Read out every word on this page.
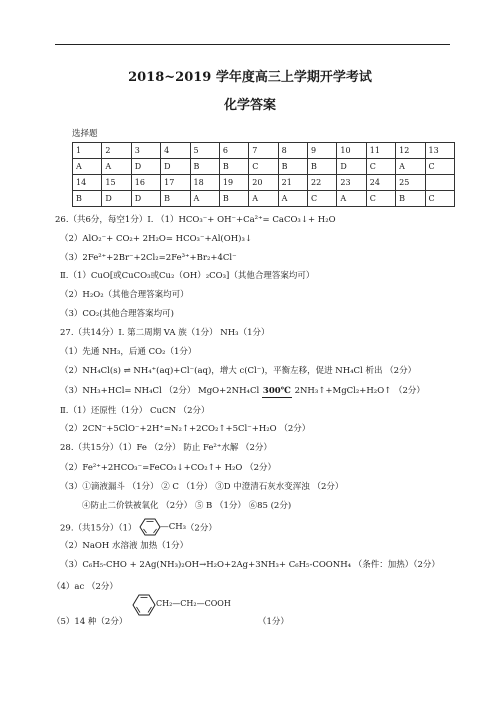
2018~2019 学年度高三上学期开学考试
化学答案
选择题
1	2	3	4	5	6	7	8	9	10	11	12	13
A	A	D	D	B	B	C	B	B	D	C	A	C
14	15	16	17	18	19	20	21	22	23	24	25	
B	D	D	B	A	B	A	A	C	A	C	B	C
26.（共6分，每空1分）I. （1）HCO₃⁻+ OH⁻+Ca²⁺= CaCO₃↓+ H₂O
（2）AlO₂⁻+ CO₂+ 2H₂O= HCO₃⁻+Al(OH)₃↓
（3）2Fe²⁺+2Br⁻+2Cl₂=2Fe³⁺+Br₂+4Cl⁻
Ⅱ.（1）CuO[或CuCO₃或Cu₂（OH）₂CO₃]（其他合理答案均可）
（2）H₂O₂（其他合理答案均可）
（3）CO₂(其他合理答案均可)
27.（共14分）I. 第二周期 VA 族（1分） NH₃（1分）
（1）先通 NH₃，后通 CO₂（1分）
（2）NH₄Cl(s) ⇌ NH₄⁺(aq)+Cl⁻(aq)，增大 c(Cl⁻)，平衡左移，促进 NH₄Cl 析出 （2分）
（3）NH₃+HCl= NH₄Cl （2分） MgO+2NH₄Cl 300℃ 2NH₃↑+MgCl₂+H₂O↑ （2分）
Ⅱ.（1）还原性（1分） CuCN （2分）
（2）2CN⁻+5ClO⁻+2H⁺=N₂↑+2CO₂↑+5Cl⁻+H₂O （2分）
28.（共15分）（1）Fe （2分） 防止 Fe²⁺水解 （2分）
（2）Fe²⁺+2HCO₃⁻=FeCO₃↓+CO₂↑+ H₂O （2分）
（3）①滴液漏斗 （1分） ② C （1分） ③D 中澄清石灰水变浑浊 （2分）
④防止二价铁被氧化 （2分） ⑤ B （1分） ⑥85 (2分)
29.（共15分）（1）	—CH₃ （2分）
（2）NaOH 水溶液 加热（1分）
（3）C₆H₅-CHO + 2Ag(NH₃)₂OH→H₂O+2Ag+3NH₃+ C₆H₅-COONH₄ （条件：加热）（2分）
（4）ac （2分）
CH₂—CH₂—COOH
（5）14 种（2分）	（1分）
